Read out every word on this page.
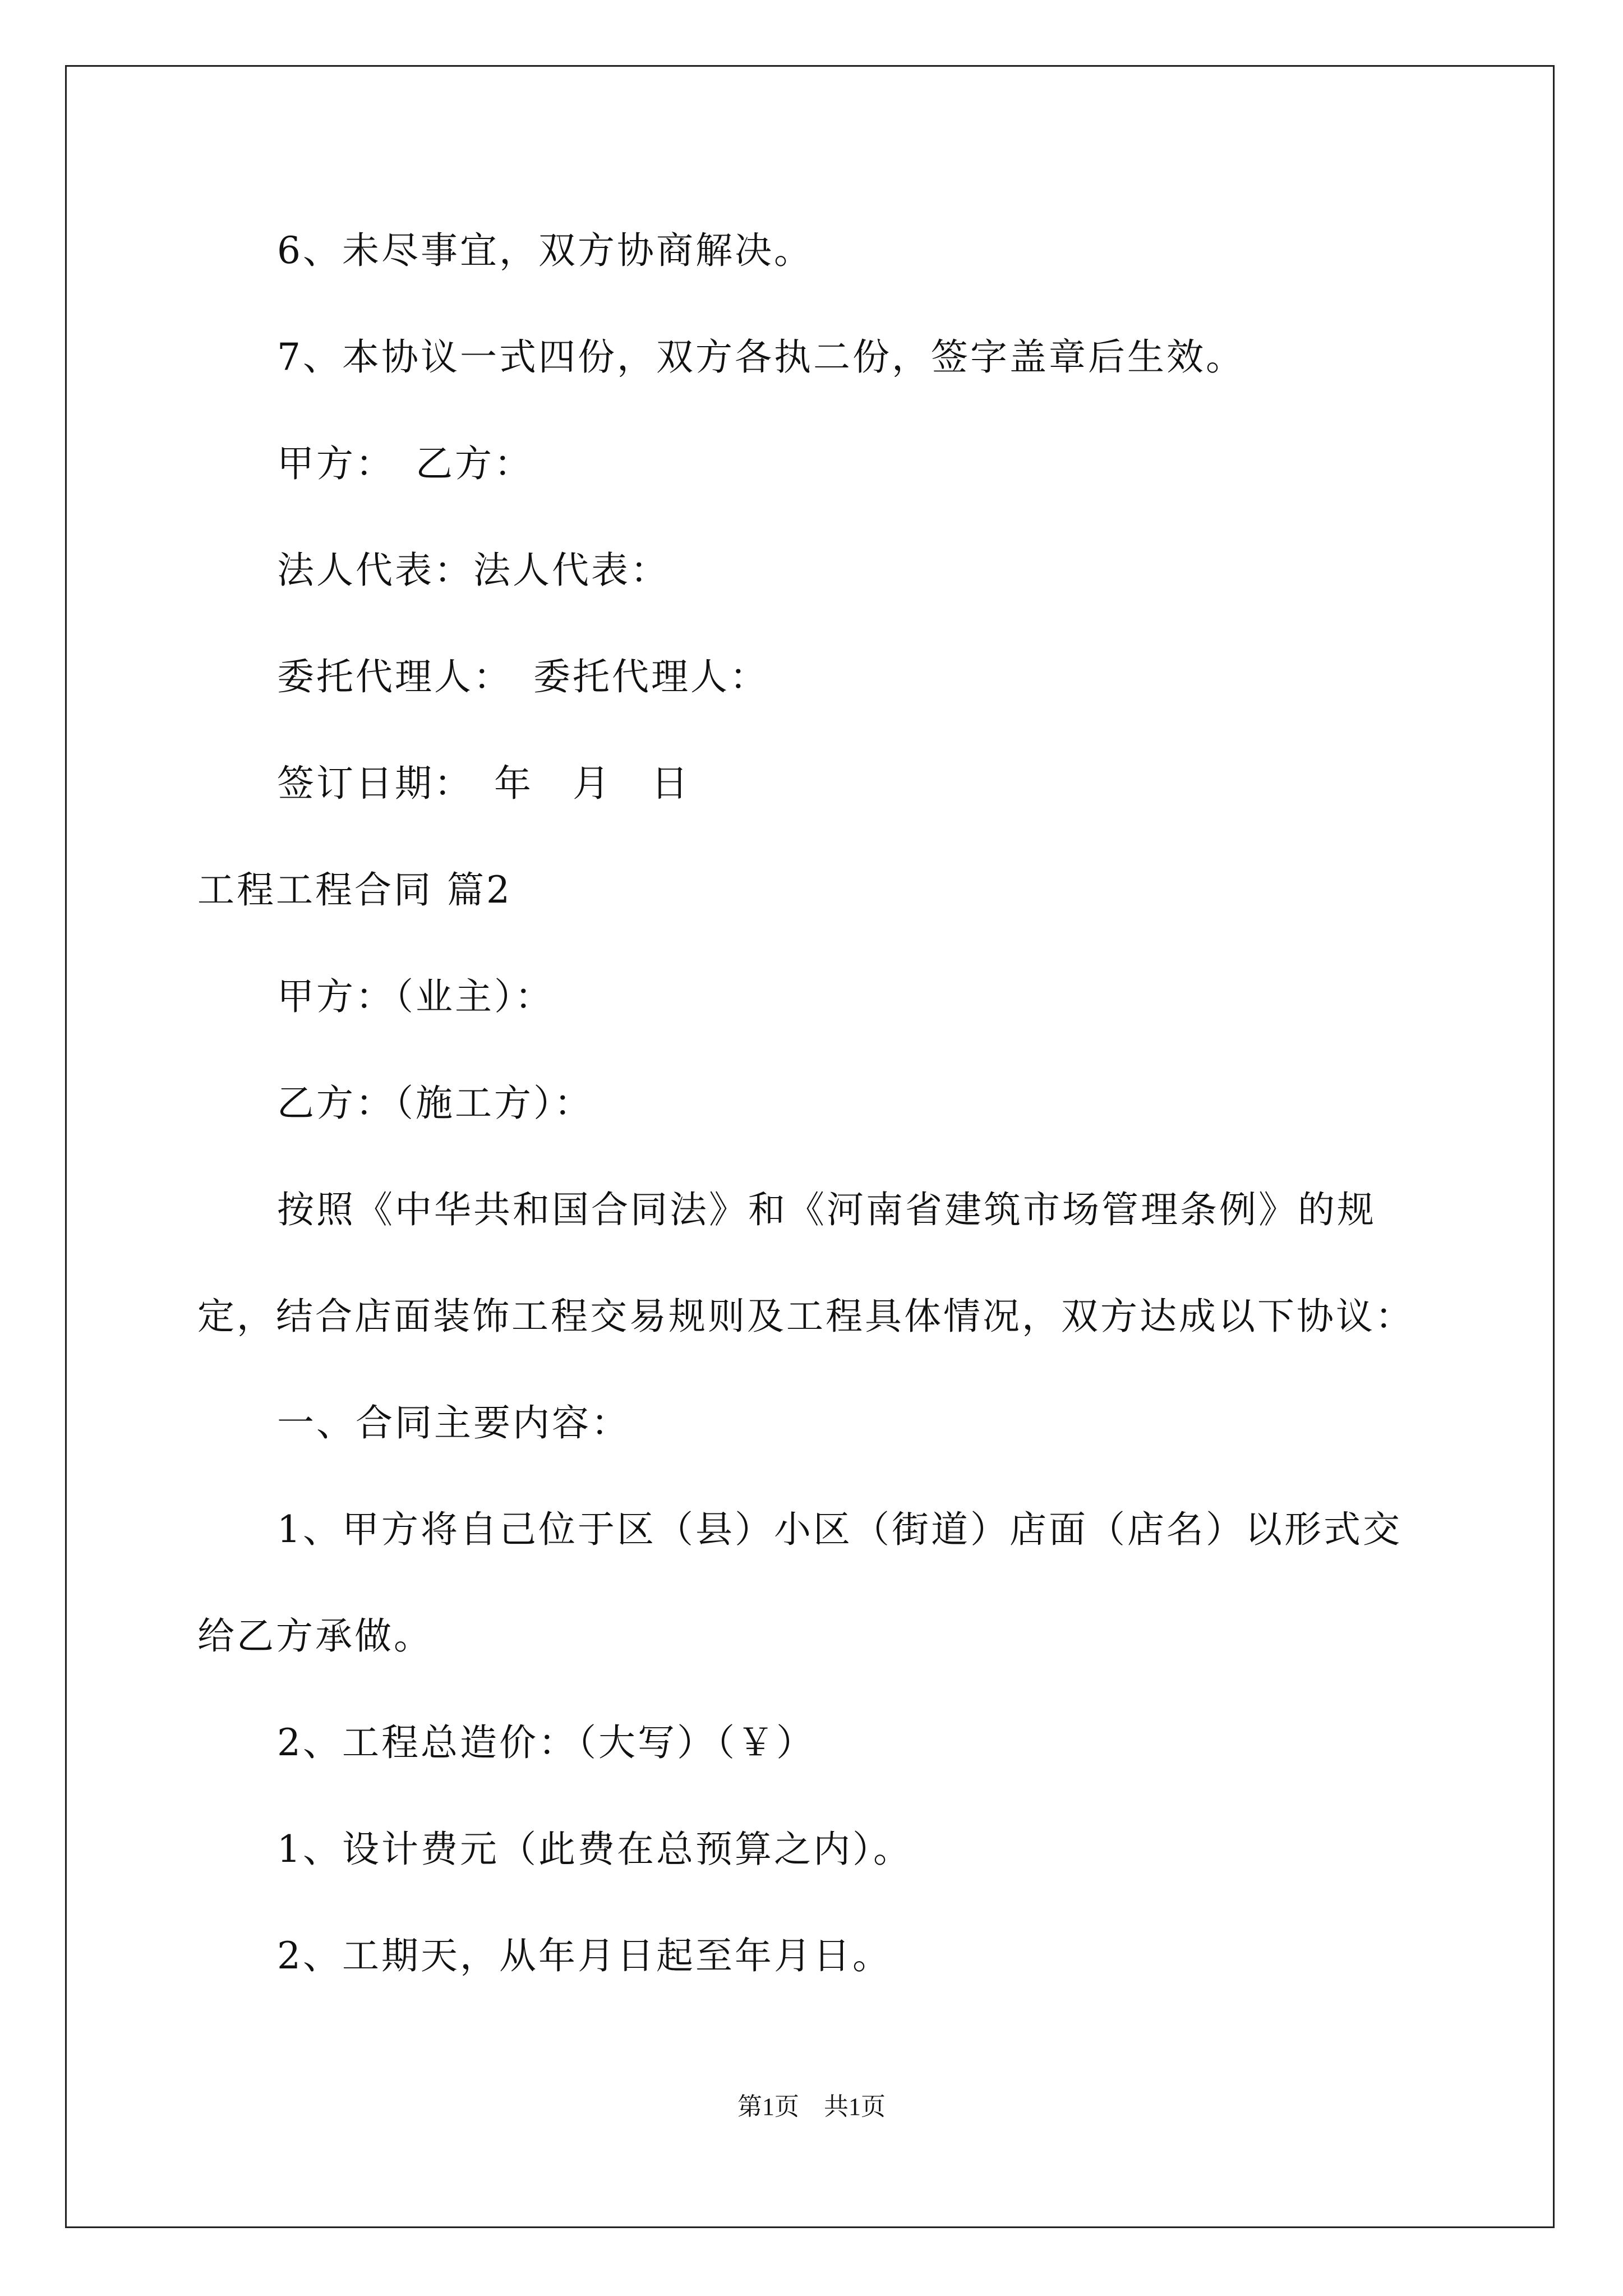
6、未尽事宜，双方协商解决。
7、本协议一式四份，双方各执二份，签字盖章后生效。
甲方：　乙方：
法人代表：法人代表：
委托代理人：　委托代理人：
签订日期：　年　月　日
工程工程合同 篇2
甲方：（业主）：
乙方：（施工方）：
按照《中华共和国合同法》和《河南省建筑市场管理条例》的规
定，结合店面装饰工程交易规则及工程具体情况，双方达成以下协议：
一、合同主要内容：
1、甲方将自己位于区（县）小区（街道）店面（店名）以形式交
给乙方承做。
2、工程总造价：（大写）（￥）
1、设计费元（此费在总预算之内）。
2、工期天，从年月日起至年月日。
第1页　共1页
